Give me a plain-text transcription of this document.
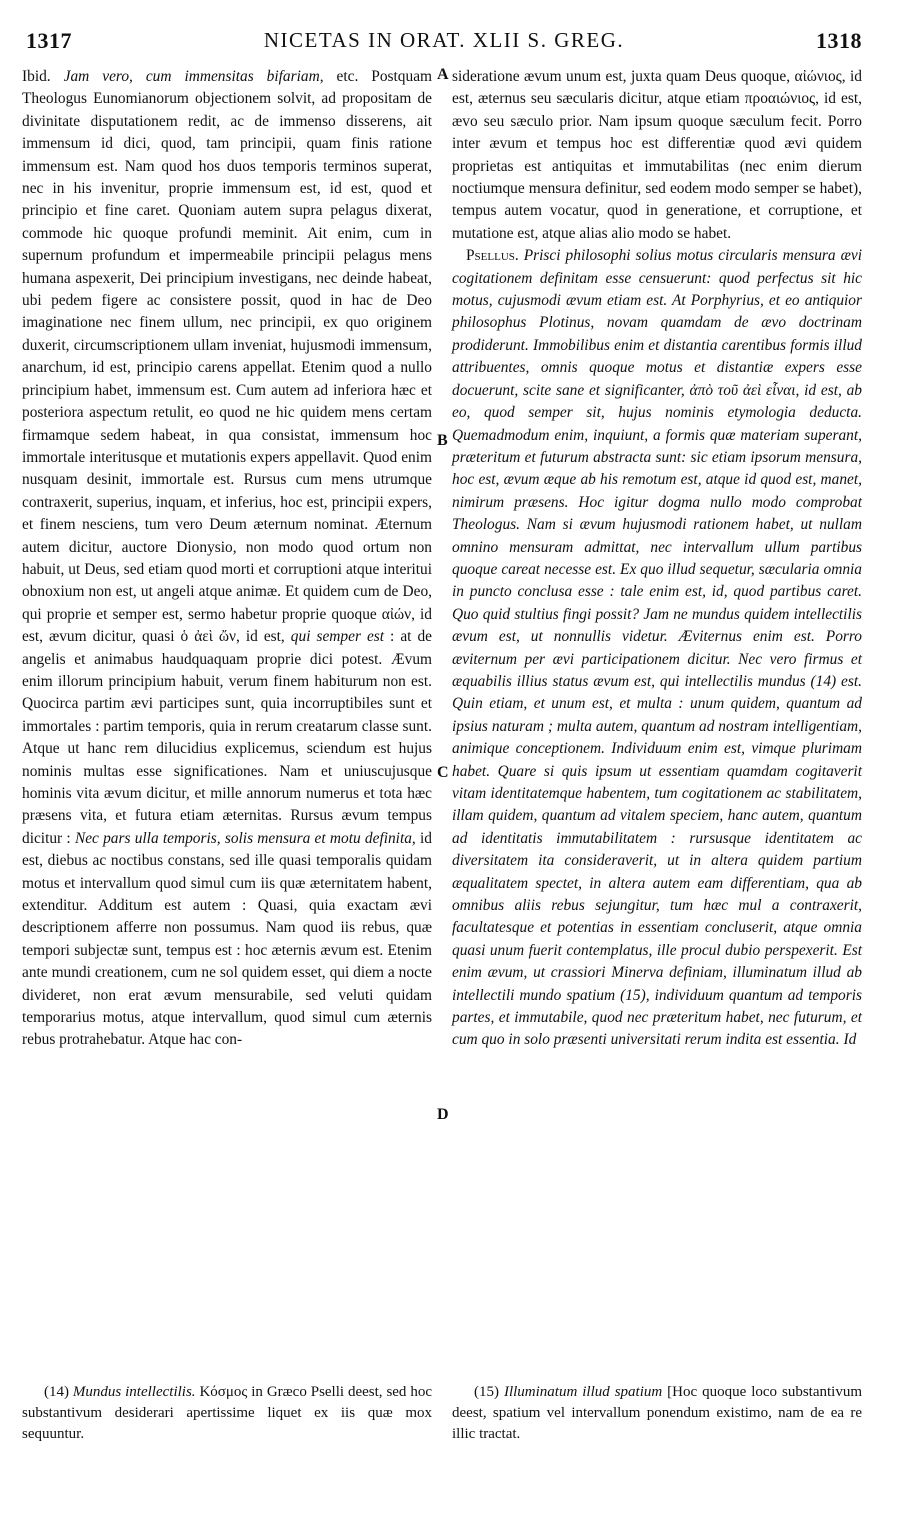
1317	NICETAS IN ORAT. XLII S. GREG.	1318

Ibid. Jam vero, cum immensitas bifariam, etc. Postquam Theologus Eunomianorum objectionem solvit, ad propositam de divinitate disputationem redit, ac de immenso disserens, ait immensum id dici, quod, tam principii, quam finis ratione immensum est. Nam quod hos duos temporis terminos superat, nec in his invenitur, proprie immensum est, id est, quod et principio et fine caret. Quoniam autem supra pelagus dixerat, commode hic quoque profundi meminit. Ait enim, cum in supernum profundum et impermeabile principii pelagus mens humana aspexerit, Dei principium investigans, nec deinde habeat, ubi pedem figere ac consistere possit, quod in hac de Deo imaginatione nec finem ullum, nec principii, ex quo originem duxerit, circumscriptionem ullam inveniat, hujusmodi immensum, anarchum, id est, principio carens appellat. Etenim quod a nullo principium habet, immensum est. Cum autem ad inferiora hæc et posteriora aspectum retulit, eo quod ne hic quidem mens certam firmamque sedem habeat, in qua consistat, immensum hoc immortale interitusque et mutationis expers appellavit. Quod enim nusquam desinit, immortale est. Rursus cum mens utrumque contraxerit, superius, inquam, et inferius, hoc est, principii expers, et finem nesciens, tum vero Deum æternum nominat. Æternum autem dicitur, auctore Dionysio, non modo quod ortum non habuit, ut Deus, sed etiam quod morti et corruptioni atque interitui obnoxium non est, ut angeli atque animæ. Et quidem cum de Deo, qui proprie et semper est, sermo habetur proprie quoque αἰών, id est, ævum dicitur, quasi ὁ ἀεὶ ὤν, id est, qui semper est : at de angelis et animabus haudquaquam proprie dici potest. Ævum enim illorum principium habuit, verum finem habiturum non est. Quocirca partim ævi participes sunt, quia incorruptibiles sunt et immortales : partim temporis, quia in rerum creatarum classe sunt. Atque ut hanc rem dilucidius explicemus, sciendum est hujus nominis multas esse significationes. Nam et uniuscujusque hominis vita ævum dicitur, et mille annorum numerus et tota hæc præsens vita, et futura etiam æternitas. Rursus ævum tempus dicitur : Nec pars ulla temporis, solis mensura et motu definita, id est, diebus ac noctibus constans, sed ille quasi temporalis quidam motus et intervallum quod simul cum iis quæ æternitatem habent, extenditur. Additum est autem : Quasi, quia exactam ævi descriptionem afferre non possumus. Nam quod iis rebus, quæ tempori subjectæ sunt, tempus est : hoc æternis ævum est. Etenim ante mundi creationem, cum ne sol quidem esset, qui diem a nocte divideret, non erat ævum mensurabile, sed veluti quidam temporarius motus, atque intervallum, quod simul cum æternis rebus protrahebatur. Atque hac con-

A
B
C
D

sideratione ævum unum est, juxta quam Deus quoque, αἰώνιος, id est, æternus seu sæcularis dicitur, atque etiam προαιώνιος, id est, ævo seu sæculo prior. Nam ipsum quoque sæculum fecit. Porro inter ævum et tempus hoc est differentiæ quod ævi quidem proprietas est antiquitas et immutabilitas (nec enim dierum noctiumque mensura definitur, sed eodem modo semper se habet), tempus autem vocatur, quod in generatione, et corruptione, et mutatione est, atque alias alio modo se habet.

Psellus. Prisci philosophi solius motus circularis mensura ævi cogitationem definitam esse censuerunt: quod perfectus sit hic motus, cujusmodi ævum etiam est. At Porphyrius, et eo antiquior philosophus Plotinus, novam quamdam de ævo doctrinam prodiderunt. Immobilibus enim et distantia carentibus formis illud attribuentes, omnis quoque motus et distantiæ expers esse docuerunt, scite sane et significanter, ἀπὸ τοῦ ἀεὶ εἶναι, id est, ab eo, quod semper sit, hujus nominis etymologia deducta. Quemadmodum enim, inquiunt, a formis quæ materiam superant, præteritum et futurum abstracta sunt: sic etiam ipsorum mensura, hoc est, ævum æque ab his remotum est, atque id quod est, manet, nimirum præsens. Hoc igitur dogma nullo modo comprobat Theologus. Nam si ævum hujusmodi rationem habet, ut nullam omnino mensuram admittat, nec intervallum ullum partibus quoque careat necesse est. Ex quo illud sequetur, sæcularia omnia in puncto conclusa esse : tale enim est, id, quod partibus caret. Quo quid stultius fingi possit? Jam ne mundus quidem intellectilis ævum est, ut nonnullis videtur. Æviternus enim est. Porro æviternum per ævi participationem dicitur. Nec vero firmus et æquabilis illius status ævum est, qui intellectilis mundus (14) est. Quin etiam, et unum est, et multa : unum quidem, quantum ad ipsius naturam ; multa autem, quantum ad nostram intelligentiam, animique conceptionem. Individuum enim est, vimque plurimam habet. Quare si quis ipsum ut essentiam quamdam cogitaverit vitam identitatemque habentem, tum cogitationem ac stabilitatem, illam quidem, quantum ad vitalem speciem, hanc autem, quantum ad identitatis immutabilitatem : rursusque identitatem ac diversitatem ita consideraverit, ut in altera quidem partium æqualitatem spectet, in altera autem eam differentiam, qua ab omnibus aliis rebus sejungitur, tum hæc mul a contraxerit, facultatesque et potentias in essentiam concluserit, atque omnia quasi unum fuerit contemplatus, ille procul dubio perspexerit. Est enim ævum, ut crassiori Minerva definiam, illuminatum illud ab intellectili mundo spatium (15), individuum quantum ad temporis partes, et immutabile, quod nec præteritum habet, nec futurum, et cum quo in solo præsenti universitati rerum indita est essentia. Id

(14) Mundus intellectilis. Κόσμος in Græco Pselli deest, sed hoc substantivum desiderari apertissime liquet ex iis quæ mox sequuntur.

(15) Illuminatum illud spatium [Hoc quoque loco substantivum deest, spatium vel intervallum ponendum existimo, nam de ea re illic tractat.
